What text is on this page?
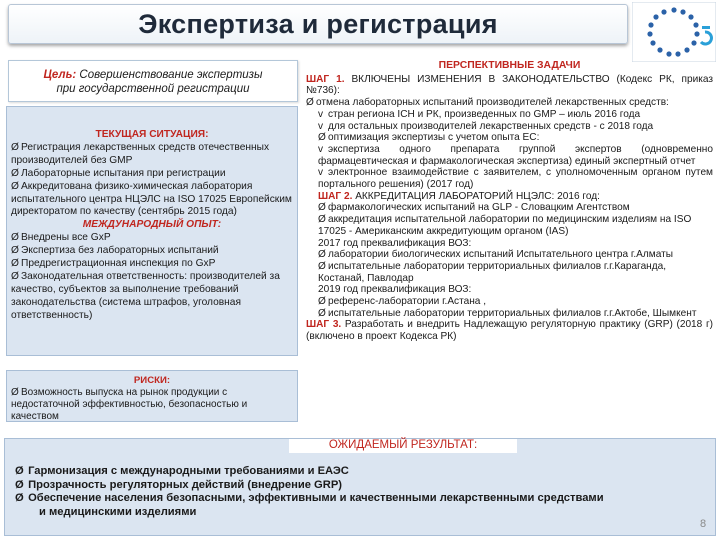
Экспертиза и регистрация
Цель: Совершенствование экспертизы
при государственной регистрации
ТЕКУЩАЯ СИТУАЦИЯ:
Ø Регистрация лекарственных средств отечественных производителей без GMP
Ø Лабораторные испытания при регистрации
Ø Аккредитована физико-химическая лаборатория испытательного центра НЦЭЛС на ISO 17025 Европейским директоратом по качеству (сентябрь 2015 года)
МЕЖДУНАРОДНЫЙ ОПЫТ:
Ø Внедрены все GxP
Ø Экспертиза без лабораторных испытаний
Ø Предрегистрационная инспекция по GxP
Ø Законодательная ответственность: производителей за качество, субъектов за выполнение требований законодательства (система штрафов, уголовная ответственность)
РИСКИ:
Ø Возможность выпуска на рынок продукции с недостаточной эффективностью, безопасностью и качеством
ПЕРСПЕКТИВНЫЕ ЗАДАЧИ
ШАГ 1. ВКЛЮЧЕНЫ ИЗМЕНЕНИЯ В ЗАКОНОДАТЕЛЬСТВО (Кодекс РК, приказ №736):
Ø отмена лабораторных испытаний производителей лекарственных средств:
v стран региона ICH и РК, произведенных по GMP – июль 2016 года
v для остальных производителей лекарственных средств - с 2018 года
Ø оптимизация экспертизы с учетом опыта ЕС:
v экспертиза одного препарата группой экспертов (одновременно фармацевтическая и фармакологическая экспертиза) единый экспертный отчет
v электронное взаимодействие с заявителем, с уполномоченным органом путем портального решения) (2017 год)
ШАГ 2. АККРЕДИТАЦИЯ ЛАБОРАТОРИЙ НЦЭЛС: 2016 год:
Ø фармакологических испытаний на GLP - Словацким Агентством
Ø аккредитация испытательной лаборатории по медицинским изделиям на ISO 17025 - Американским аккредитующим органом (IAS)
2017 год преквалификация ВОЗ:
Ø лаборатории биологических испытаний Испытательного центра г.Алматы
Ø испытательные лаборатории территориальных филиалов г.г.Караганда, Костанай, Павлодар
2019 год преквалификация ВОЗ:
Ø референс-лаборатории г.Астана ,
Ø испытательные лаборатории территориальных филиалов г.г.Актобе, Шымкент
ШАГ 3. Разработать и внедрить Надлежащую регуляторную практику (GRP) (2018 г) (включено в проект Кодекса РК)
ОЖИДАЕМЫЙ РЕЗУЛЬТАТ:
Ø Гармонизация с международными требованиями и ЕАЭС
Ø Прозрачность регуляторных действий (внедрение GRP)
Ø Обеспечение населения безопасными, эффективными и качественными лекарственными средствами
и медицинскими изделиями
8
